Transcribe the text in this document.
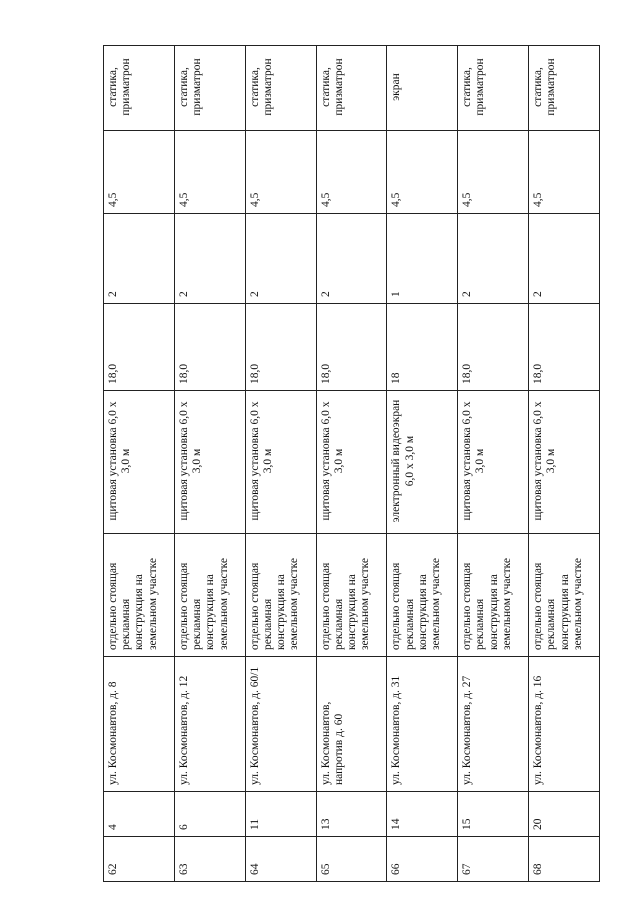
62	4	ул. Космонавтов, д. 8	отдельно стоящая рекламная конструкция на земельном участке	щитовая установка 6,0 х 3,0 м	18,0	2	4,5	статика, призматрон
63	6	ул. Космонавтов, д. 12	отдельно стоящая рекламная конструкция на земельном участке	щитовая установка 6,0 х 3,0 м	18,0	2	4,5	статика, призматрон
64	11	ул. Космонавтов, д. 60/1	отдельно стоящая рекламная конструкция на земельном участке	щитовая установка 6,0 х 3,0 м	18,0	2	4,5	статика, призматрон
65	13	ул. Космонавтов, напротив д. 60	отдельно стоящая рекламная конструкция на земельном участке	щитовая установка 6,0 х 3,0 м	18,0	2	4,5	статика, призматрон
66	14	ул. Космонавтов, д. 31	отдельно стоящая рекламная конструкция на земельном участке	электронный видеоэкран 6,0 х 3,0 м	18	1	4,5	экран
67	15	ул. Космонавтов, д. 27	отдельно стоящая рекламная конструкция на земельном участке	щитовая установка 6,0 х 3,0 м	18,0	2	4,5	статика, призматрон
68	20	ул. Космонавтов, д. 16	отдельно стоящая рекламная конструкция на земельном участке	щитовая установка 6,0 х 3,0 м	18,0	2	4,5	статика, призматрон
